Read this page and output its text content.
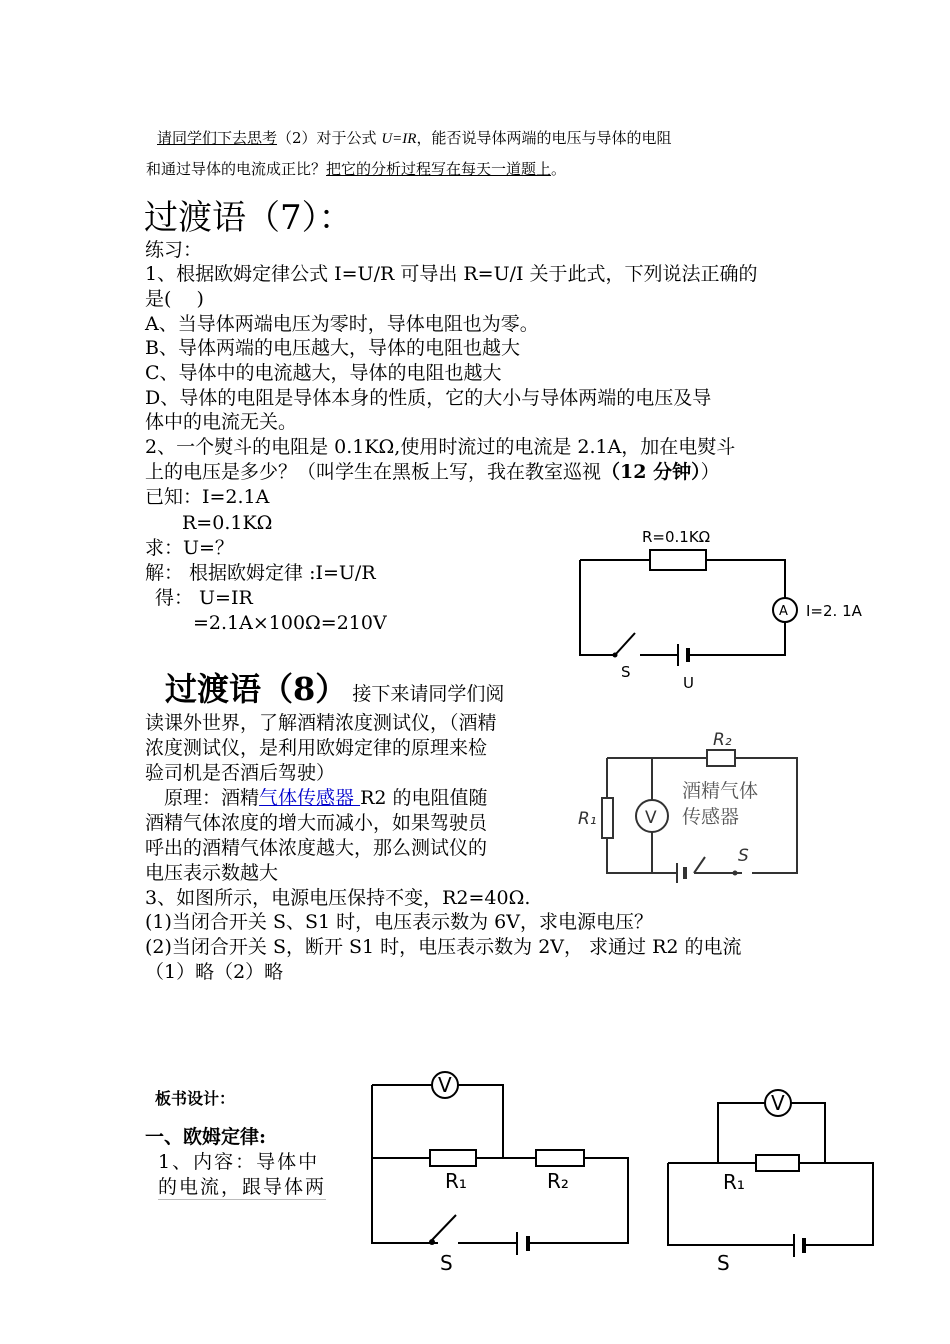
请同学们下去思考（2）对于公式 U=IR，能否说导体两端的电压与导体的电阻
和通过导体的电流成正比？把它的分析过程写在每天一道题上。
过渡语（7）：
练习：
1、根据欧姆定律公式 I=U/R 可导出 R=U/I 关于此式，下列说法正确的
是(　 )
A、当导体两端电压为零时，导体电阻也为零。
B、导体两端的电压越大，导体的电阻也越大
C、导体中的电流越大，导体的电阻也越大
D、导体的电阻是导体本身的性质，它的大小与导体两端的电压及导
体中的电流无关。
2、一个熨斗的电阻是 0.1KΩ,使用时流过的电流是 2.1A，加在电熨斗
上的电压是多少？（叫学生在黑板上写，我在教室巡视（12 分钟））
已知：I=2.1A
R=0.1KΩ
求：U=？
解： 根据欧姆定律 :I=U/R
得： U=IR
=2.1A×100Ω=210V
R=0.1KΩ
A I=2. 1A
S
U
过渡语（8） 接下来请同学们阅
读课外世界，了解酒精浓度测试仪，（酒精
浓度测试仪，是利用欧姆定律的原理来检
验司机是否酒后驾驶）
　原理：酒精气体传感器 R2 的电阻值随
酒精气体浓度的增大而减小，如果驾驶员
呼出的酒精气体浓度越大，那么测试仪的
电压表示数越大
R₂
R₁	V
酒精气体
传感器
S
3、如图所示，电源电压保持不变，R2=40Ω.
(1)当闭合开关 S、S1 时，电压表示数为 6V，求电源电压？
(2)当闭合开关 S，断开 S1 时，电压表示数为 2V， 求通过 R2 的电流
（1）略（2）略
板书设计：
一、欧姆定律:
1、内容：导体中
的电流，跟导体两
V
R₁	R₂
S
V
R₁
S
